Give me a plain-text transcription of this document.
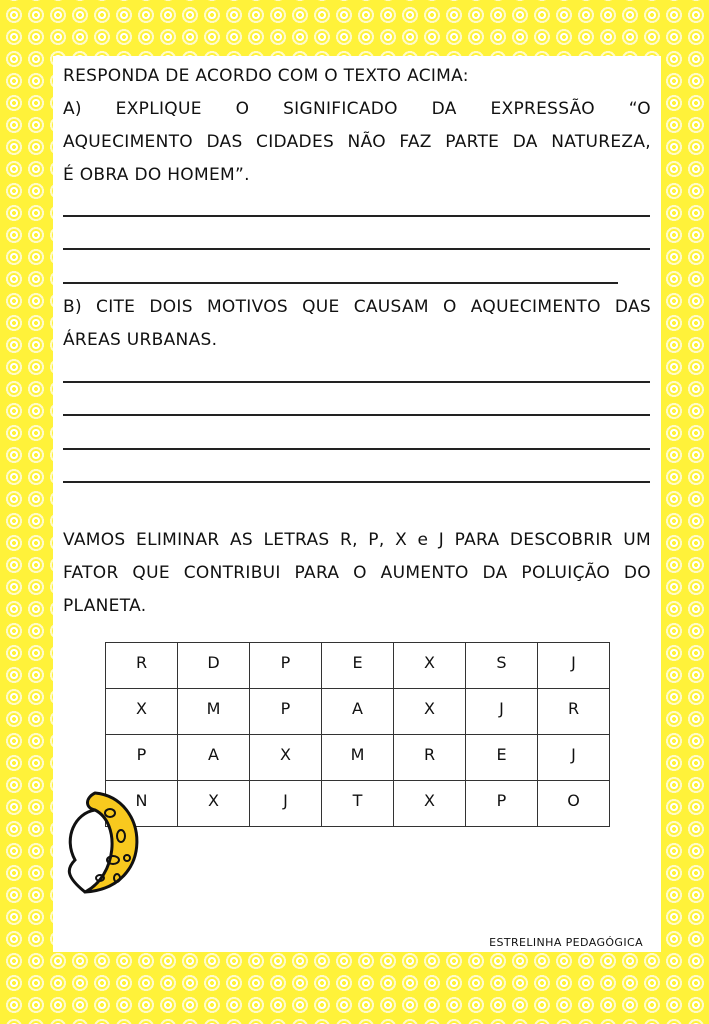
RESPONDA DE ACORDO COM O TEXTO ACIMA:
A) EXPLIQUE O SIGNIFICADO DA EXPRESSÃO “O
AQUECIMENTO DAS CIDADES NÃO FAZ PARTE DA NATUREZA,
É OBRA DO HOMEM”.
B) CITE DOIS MOTIVOS QUE CAUSAM O AQUECIMENTO DAS
ÁREAS URBANAS.
VAMOS ELIMINAR AS LETRAS R, P, X e J PARA DESCOBRIR UM
FATOR QUE CONTRIBUI PARA O AUMENTO DA POLUIÇÃO DO
PLANETA.
R	D	P	E	X	S	J
X	M	P	A	X	J	R
P	A	X	M	R	E	J
N	X	J	T	X	P	O
ESTRELINHA PEDAGÓGICA
